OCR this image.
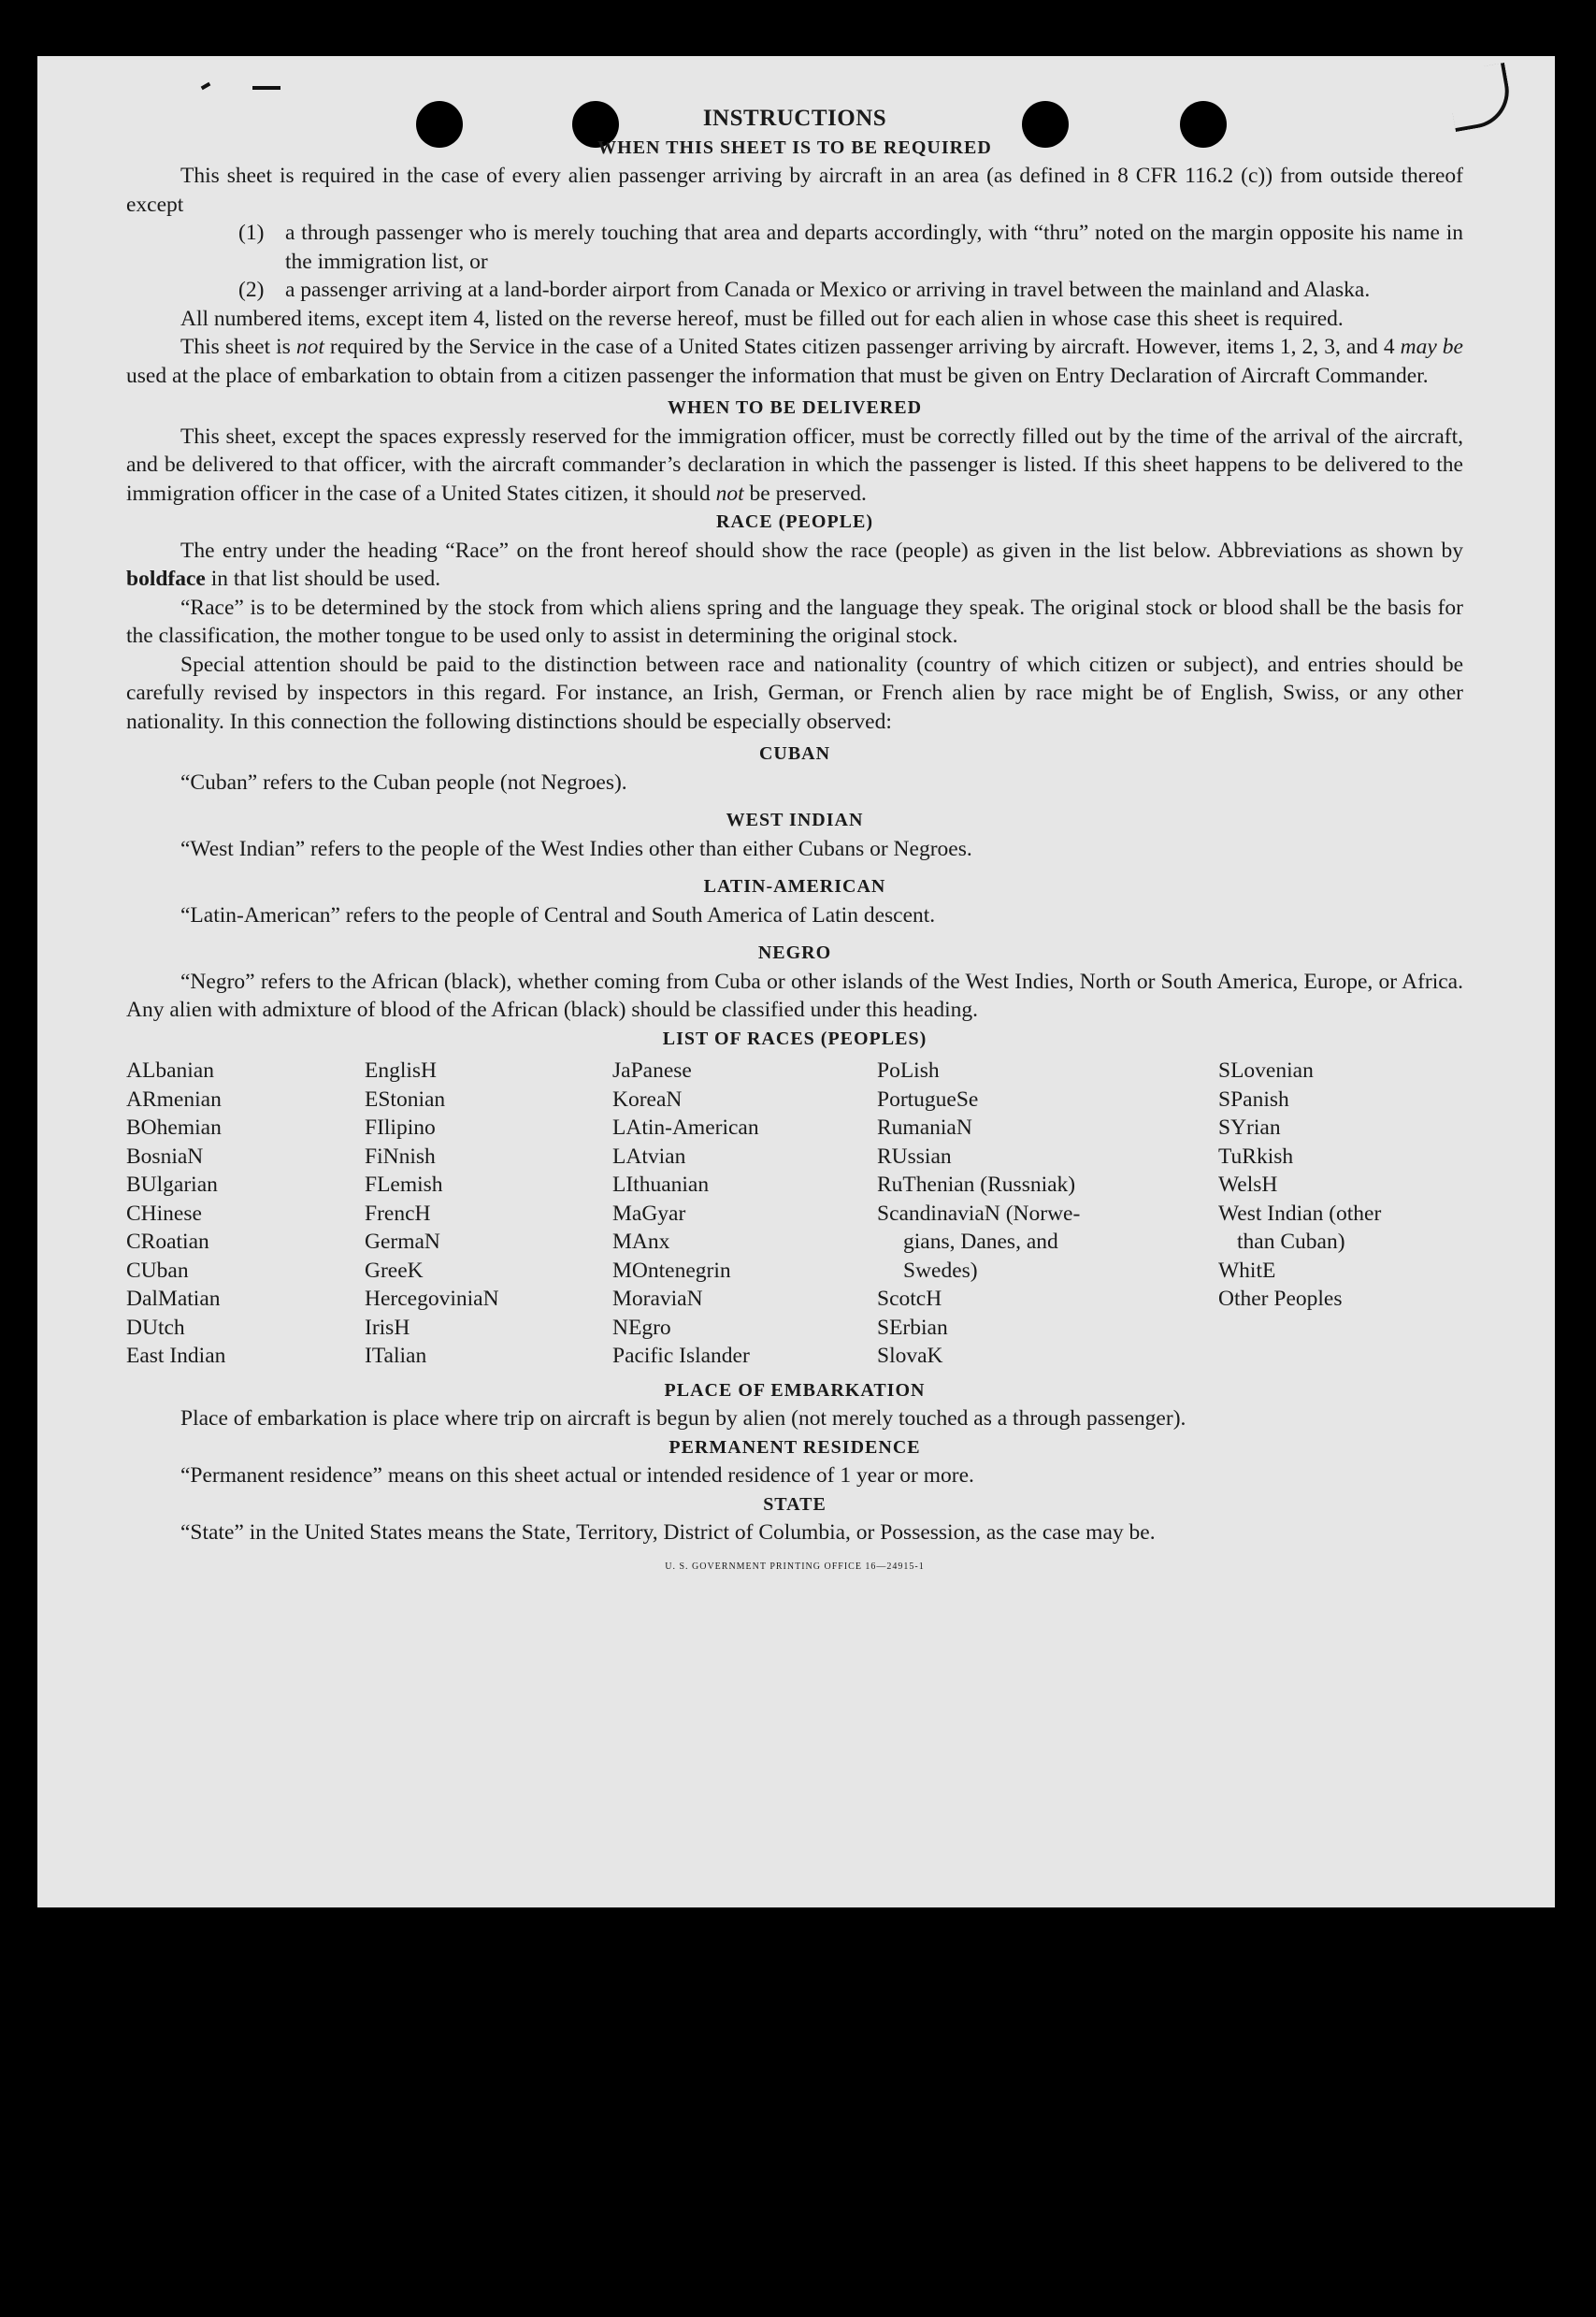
INSTRUCTIONS
WHEN THIS SHEET IS TO BE REQUIRED

This sheet is required in the case of every alien passenger arriving by aircraft in an area (as defined in 8 CFR 116.2 (c)) from outside thereof except

(1) a through passenger who is merely touching that area and departs accordingly, with “thru” noted on the margin opposite his name in the immigration list, or
(2) a passenger arriving at a land-border airport from Canada or Mexico or arriving in travel between the mainland and Alaska.

All numbered items, except item 4, listed on the reverse hereof, must be filled out for each alien in whose case this sheet is required.

This sheet is not required by the Service in the case of a United States citizen passenger arriving by aircraft. However, items 1, 2, 3, and 4 may be used at the place of embarkation to obtain from a citizen passenger the information that must be given on Entry Declaration of Aircraft Commander.

WHEN TO BE DELIVERED

This sheet, except the spaces expressly reserved for the immigration officer, must be correctly filled out by the time of the arrival of the aircraft, and be delivered to that officer, with the aircraft commander’s declaration in which the passenger is listed. If this sheet happens to be delivered to the immigration officer in the case of a United States citizen, it should not be preserved.

RACE (PEOPLE)

The entry under the heading “Race” on the front hereof should show the race (people) as given in the list below. Abbreviations as shown by boldface in that list should be used.

“Race” is to be determined by the stock from which aliens spring and the language they speak. The original stock or blood shall be the basis for the classification, the mother tongue to be used only to assist in determining the original stock.

Special attention should be paid to the distinction between race and nationality (country of which citizen or subject), and entries should be carefully revised by inspectors in this regard. For instance, an Irish, German, or French alien by race might be of English, Swiss, or any other nationality. In this connection the following distinctions should be especially observed:

CUBAN

“Cuban” refers to the Cuban people (not Negroes).

WEST INDIAN

“West Indian” refers to the people of the West Indies other than either Cubans or Negroes.

LATIN-AMERICAN

“Latin-American” refers to the people of Central and South America of Latin descent.

NEGRO

“Negro” refers to the African (black), whether coming from Cuba or other islands of the West Indies, North or South America, Europe, or Africa. Any alien with admixture of blood of the African (black) should be classified under this heading.

LIST OF RACES (PEOPLES)
ALbanian	EnglisH	JaPanese	PoLish	SLovenian
ARmenian	EStonian	KoreaN	PortugueSe	SPanish
BOhemian	FIlipino	LAtin-American	RumaniaN	SYrian
BosniaN	FiNnish	LAtvian	RUssian	TuRkish
BUlgarian	FLemish	LIthuanian	RuThenian (Russniak)	WelsH
CHinese	FrencH	MaGyar	ScandinaviaN (Norwe-	West Indian (other
CRoatian	GermaN	MAnx	gians, Danes, and	than Cuban)
CUban	GreeK	MOntenegrin	Swedes)	WhitE
DalMatian	HercegoviniaN	MoraviaN	ScotcH	Other Peoples
DUtch	IrisH	NEgro	SErbian
East Indian	ITalian	Pacific Islander	SlovaK
PLACE OF EMBARKATION

Place of embarkation is place where trip on aircraft is begun by alien (not merely touched as a through passenger).

PERMANENT RESIDENCE

“Permanent residence” means on this sheet actual or intended residence of 1 year or more.

STATE

“State” in the United States means the State, Territory, District of Columbia, or Possession, as the case may be.

U. S. GOVERNMENT PRINTING OFFICE 16—24915-1
